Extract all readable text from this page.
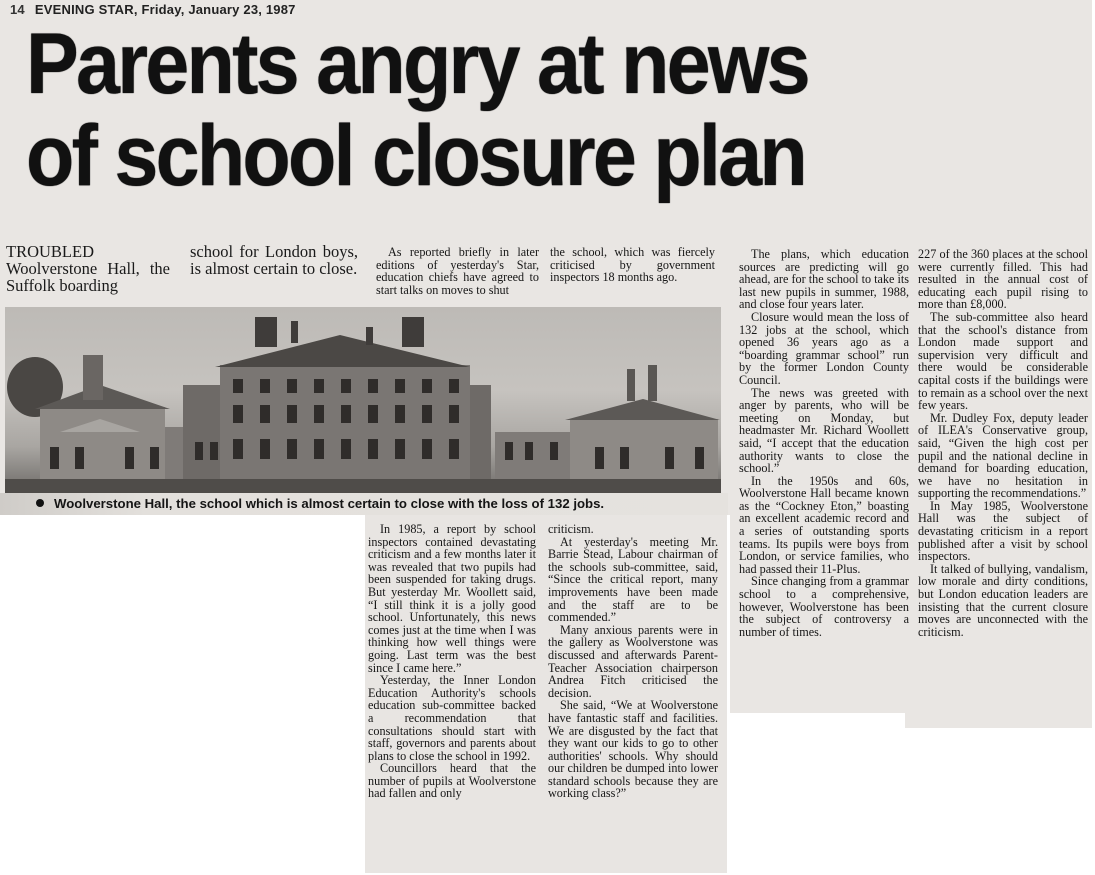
14 EVENING STAR, Friday, January 23, 1987
Parents angry at news
of school closure plan
TROUBLED Woolverstone Hall, the Suffolk boarding
school for London boys, is almost certain to close.

As reported briefly in later editions of yesterday's Star, education chiefs have agreed to start talks on moves to shut

the school, which was fiercely criticised by government inspectors 18 months ago.

The plans, which education sources are predicting will go ahead, are for the school to take its last new pupils in summer, 1988, and close four years later.

Closure would mean the loss of 132 jobs at the school, which opened 36 years ago as a “boarding grammar school” run by the former London County Council.

The news was greeted with anger by parents, who will be meeting on Monday, but headmaster Mr. Richard Woollett said, “I accept that the education authority wants to close the school.”

In the 1950s and 60s, Woolverstone Hall became known as the “Cockney Eton,” boasting an excellent academic record and a series of outstanding sports teams. Its pupils were boys from London, or service families, who had passed their 11-Plus.

Since changing from a grammar school to a comprehensive, however, Woolverstone has been the subject of controversy a number of times.

227 of the 360 places at the school were currently filled. This had resulted in the annual cost of educating each pupil rising to more than £8,000.

The sub-committee also heard that the school's distance from London made support and supervision very difficult and there would be considerable capital costs if the buildings were to remain as a school over the next few years.

Mr. Dudley Fox, deputy leader of ILEA's Conservative group, said, “Given the high cost per pupil and the national decline in demand for boarding education, we have no hesitation in supporting the recommendations.”

In May 1985, Woolverstone Hall was the subject of devastating criticism in a report published after a visit by school inspectors.

It talked of bullying, vandalism, low morale and dirty conditions, but London education leaders are insisting that the current closure moves are unconnected with the criticism.

In 1985, a report by school inspectors contained devastating criticism and a few months later it was revealed that two pupils had been suspended for taking drugs. But yesterday Mr. Woollett said, “I still think it is a jolly good school. Unfortunately, this news comes just at the time when I was thinking how well things were going. Last term was the best since I came here.”

Yesterday, the Inner London Education Authority's schools education sub-committee backed a recommendation that consultations should start with staff, governors and parents about plans to close the school in 1992.

Councillors heard that the number of pupils at Woolverstone had fallen and only

criticism.

At yesterday's meeting Mr. Barrie Stead, Labour chairman of the schools sub-committee, said, “Since the critical report, many improvements have been made and the staff are to be commended.”

Many anxious parents were in the gallery as Woolverstone was discussed and afterwards Parent-Teacher Association chairperson Andrea Fitch criticised the decision.

She said, “We at Woolverstone have fantastic staff and facilities. We are disgusted by the fact that they want our kids to go to other authorities' schools. Why should our children be dumped into lower standard schools because they are working class?”

Woolverstone Hall, the school which is almost certain to close with the loss of 132 jobs.
